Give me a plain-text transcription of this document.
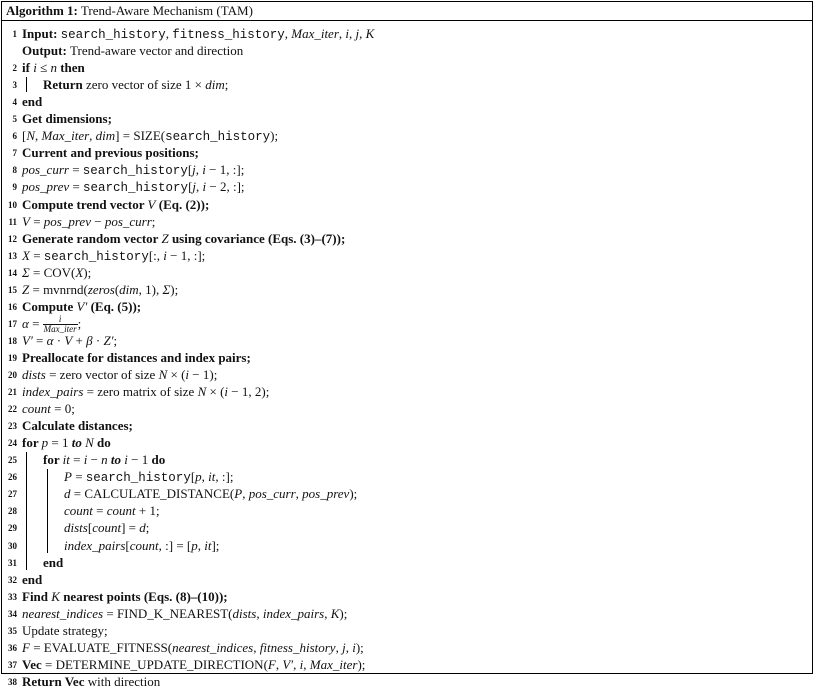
Algorithm 1: Trend-Aware Mechanism (TAM)
1 Input: search_history, fitness_history, Max_iter, i, j, K
Output: Trend-aware vector and direction
2 if i ≤ n then
3 Return zero vector of size 1 × dim;
4 end
5 Get dimensions;
6 [N, Max_iter, dim] = SIZE(search_history);
7 Current and previous positions;
8 pos_curr = search_history[j, i − 1, :];
9 pos_prev = search_history[j, i − 2, :];
10 Compute trend vector V (Eq. (2));
11 V = pos_prev − pos_curr;
12 Generate random vector Z using covariance (Eqs. (3)–(7));
13 X = search_history[:, i − 1, :];
14 Σ = COV(X);
15 Z = mvnrnd(zeros(dim, 1), Σ);
16 Compute V′ (Eq. (5));
17 $\alpha = \frac{i}{\text{Max\_iter}}$ ;
18 V′ = α · V + β · Z′;
19 Preallocate for distances and index pairs;
20 dists = zero vector of size N × (i − 1);
21 index_pairs = zero matrix of size N × (i − 1, 2);
22 count = 0;
23 Calculate distances;
24 for p = 1 to N do
25 for it = i − n to i − 1 do
26	P = search_history[p, it, :];
27	d = CALCULATE_DISTANCE(P, pos_curr, pos_prev);
28	count = count + 1;
29	dists[count] = d;
30	index_pairs[count, :] = [p, it];
31 end
32 end
33 Find K nearest points (Eqs. (8)–(10));
34 nearest_indices = FIND_K_NEAREST(dists, index_pairs, K);
35 Update strategy;
36 F = EVALUATE_FITNESS(nearest_indices, fitness_history, j, i);
37 Vec = DETERMINE_UPDATE_DIRECTION(F, V′, i, Max_iter);
38 Return Vec with direction
